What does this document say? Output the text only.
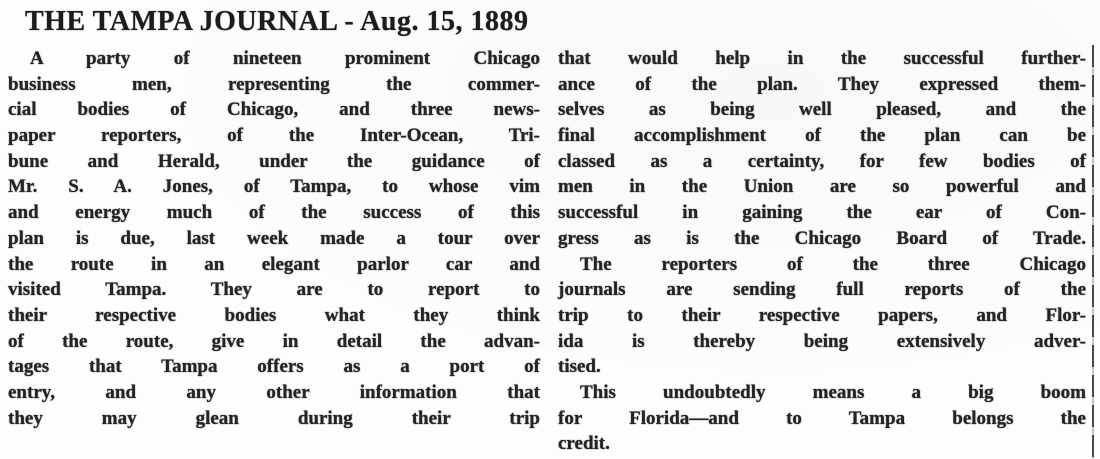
THE TAMPA JOURNAL - Aug. 15, 1889
A party of nineteen prominent Chicago
business men, representing the commer-
cial bodies of Chicago, and three news-
paper reporters, of the Inter-Ocean, Tri-
bune and Herald, under the guidance of
Mr. S. A. Jones, of Tampa, to whose vim
and energy much of the success of this
plan is due, last week made a tour over
the route in an elegant parlor car and
visited Tampa. They are to report to
their respective bodies what they think
of the route, give in detail the advan-
tages that Tampa offers as a port of
entry, and any other information that
they may glean during their trip
that would help in the successful further-
ance of the plan. They expressed them-
selves as being well pleased, and the
final accomplishment of the plan can be
classed as a certainty, for few bodies of
men in the Union are so powerful and
successful in gaining the ear of Con-
gress as is the Chicago Board of Trade.
The reporters of the three Chicago
journals are sending full reports of the
trip to their respective papers, and Flor-
ida is thereby being extensively adver-
tised.
This undoubtedly means a big boom
for Florida—and to Tampa belongs the
credit.
